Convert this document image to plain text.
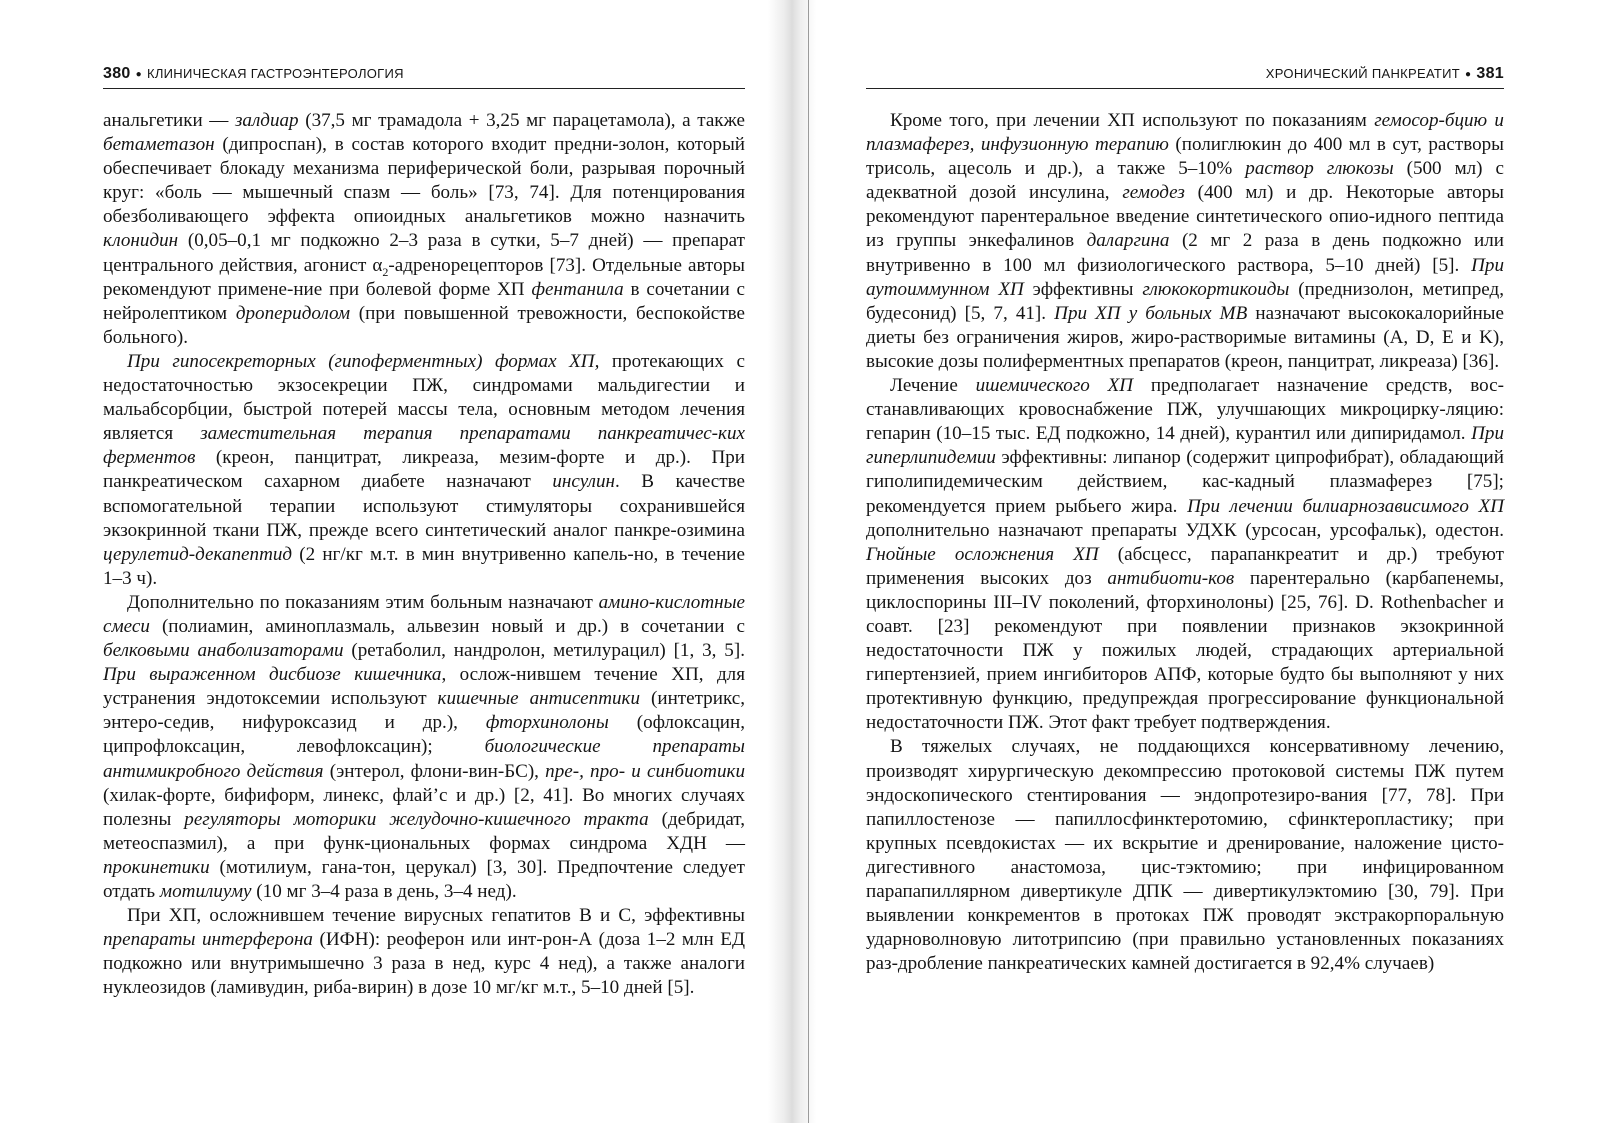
380 ● КЛИНИЧЕСКАЯ ГАСТРОЭНТЕРОЛОГИЯ

анальгетики — залдиар (37,5 мг трамадола + 3,25 мг парацетамола), а также бетаметазон (дипроспан), в состав которого входит предни-золон, который обеспечивает блокаду механизма периферической боли, разрывая порочный круг: «боль — мышечный спазм — боль» [73, 74]. Для потенцирования обезболивающего эффекта опиоидных анальгетиков можно назначить клонидин (0,05–0,1 мг подкожно 2–3 раза в сутки, 5–7 дней) — препарат центрального действия, агонист $\alpha_2$-адренорецепторов [73]. Отдельные авторы рекомендуют примене-ние при болевой форме ХП фентанила в сочетании с нейролептиком дроперидолом (при повышенной тревожности, беспокойстве больного).

При гипосекреторных (гипоферментных) формах ХП, протекающих с недостаточностью экзосекреции ПЖ, синдромами мальдигестии и мальабсорбции, быстрой потерей массы тела, основным методом лечения является заместительная терапия препаратами панкреатичес-ких ферментов (креон, панцитрат, ликреаза, мезим-форте и др.). При панкреатическом сахарном диабете назначают инсулин. В качестве вспомогательной терапии используют стимуляторы сохранившейся экзокринной ткани ПЖ, прежде всего синтетический аналог панкре-озимина церулетид-декапептид (2 нг/кг м.т. в мин внутривенно капель-но, в течение 1–3 ч).

Дополнительно по показаниям этим больным назначают амино-кислотные смеси (полиамин, аминоплазмаль, альвезин новый и др.) в сочетании с белковыми анаболизаторами (ретаболил, нандролон, метилурацил) [1, 3, 5]. При выраженном дисбиозе кишечника, ослож-нившем течение ХП, для устранения эндотоксемии используют кишечные антисептики (интетрикс, энтеро-седив, нифуроксазид и др.), фторхинолоны (офлоксацин, ципрофлоксацин, левофлоксацин); биологические препараты антимикробного действия (энтерол, флони-вин-БС), пре-, про- и синбиотики (хилак-форте, бифиформ, линекс, флай’с и др.) [2, 41]. Во многих случаях полезны регуляторы моторики желудочно-кишечного тракта (дебридат, метеоспазмил), а при функ-циональных формах синдрома ХДН — прокинетики (мотилиум, гана-тон, церукал) [3, 30]. Предпочтение следует отдать мотилиуму (10 мг 3–4 раза в день, 3–4 нед).

При ХП, осложнившем течение вирусных гепатитов В и С, эффективны препараты интерферона (ИФН): реоферон или инт-рон-А (доза 1–2 млн ЕД подкожно или внутримышечно 3 раза в нед, курс 4 нед), а также аналоги нуклеозидов (ламивудин, риба-вирин) в дозе 10 мг/кг м.т., 5–10 дней [5].

ХРОНИЧЕСКИЙ ПАНКРЕАТИТ ● 381

Кроме того, при лечении ХП используют по показаниям гемосор-бцию и плазмаферез, инфузионную терапию (полиглюкин до 400 мл в сут, растворы трисоль, ацесоль и др.), а также 5–10% раствор глюкозы (500 мл) с адекватной дозой инсулина, гемодез (400 мл) и др. Некоторые авторы рекомендуют парентеральное введение синтетического опио-идного пептида из группы энкефалинов даларгина (2 мг 2 раза в день подкожно или внутривенно в 100 мл физиологического раствора, 5–10 дней) [5]. При аутоиммунном ХП эффективны глюкокортикоиды (преднизолон, метипред, будесонид) [5, 7, 41]. При ХП у больных МВ назначают высококалорийные диеты без ограничения жиров, жиро-растворимые витамины (A, D, E и K), высокие дозы полиферментных препаратов (креон, панцитрат, ликреаза) [36].

Лечение ишемического ХП предполагает назначение средств, вос-станавливающих кровоснабжение ПЖ, улучшающих микроцирку-ляцию: гепарин (10–15 тыс. ЕД подкожно, 14 дней), курантил или дипиридамол. При гиперлипидемии эффективны: липанор (содержит ципрофибрат), обладающий гиполипидемическим действием, кас-кадный плазмаферез [75]; рекомендуется прием рыбьего жира. При лечении билиарнозависимого ХП дополнительно назначают препараты УДХК (урсосан, урсофальк), одестон. Гнойные осложнения ХП (абсцесс, парапанкреатит и др.) требуют применения высоких доз антибиоти-ков парентерально (карбапенемы, циклоспорины III–IV поколений, фторхинолоны) [25, 76]. D. Rothenbacher и соавт. [23] рекомендуют при появлении признаков экзокринной недостаточности ПЖ у пожилых людей, страдающих артериальной гипертензией, прием ингибиторов АПФ, которые будто бы выполняют у них протективную функцию, предупреждая прогрессирование функциональной недостаточности ПЖ. Этот факт требует подтверждения.

В тяжелых случаях, не поддающихся консервативному лечению, производят хирургическую декомпрессию протоковой системы ПЖ путем эндоскопического стентирования — эндопротезиро-вания [77, 78]. При папиллостенозе — папиллосфинктеротомию, сфинктеропластику; при крупных псевдокистах — их вскрытие и дренирование, наложение цисто-дигестивного анастомоза, цис-тэктомию; при инфицированном парапапиллярном дивертикуле ДПК — дивертикулэктомию [30, 79]. При выявлении конкрементов в протоках ПЖ проводят экстракорпоральную ударноволновую литотрипсию (при правильно установленных показаниях раз-дробление панкреатических камней достигается в 92,4% случаев)
